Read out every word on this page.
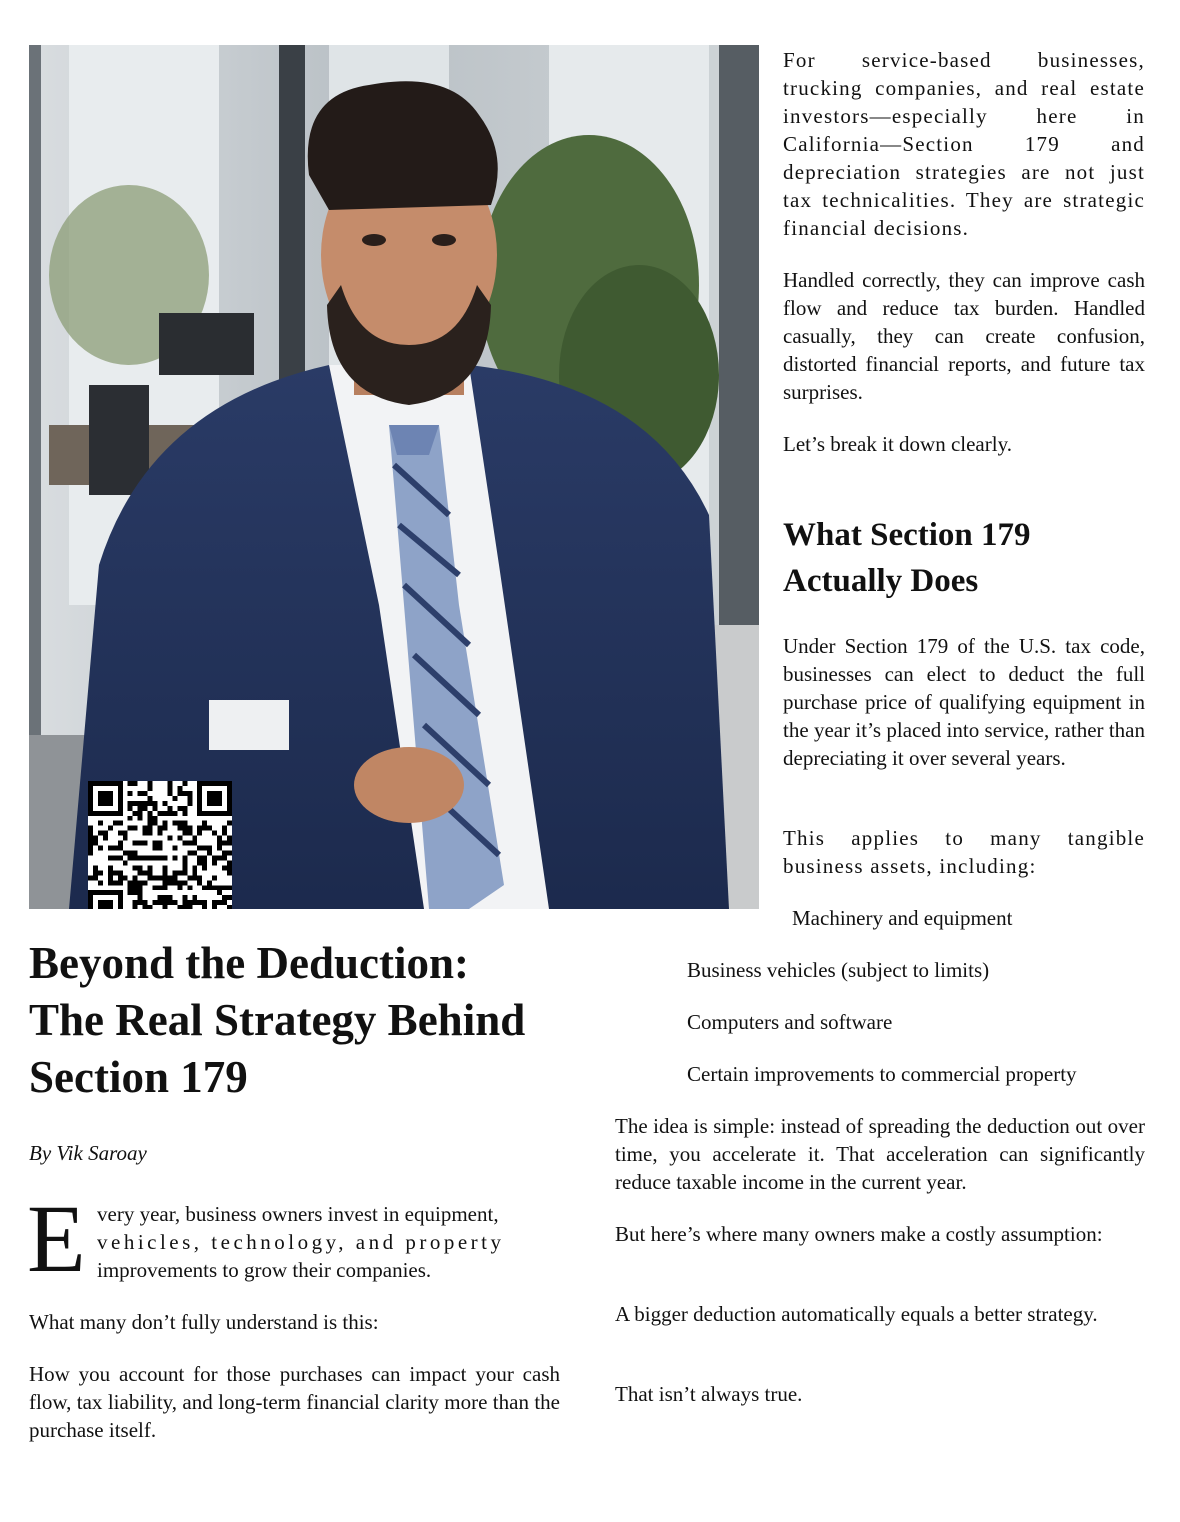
For service-based businesses, trucking companies, and real estate investors—especially here in California—Section 179 and depreciation strategies are not just tax technicalities. They are strategic financial decisions.

Handled correctly, they can improve cash flow and reduce tax burden. Handled casually, they can create confusion, distorted financial reports, and future tax surprises.

Let’s break it down clearly.

What Section 179
Actually Does

Under Section 179 of the U.S. tax code, businesses can elect to deduct the full purchase price of qualifying equipment in the year it’s placed into service, rather than depreciating it over several years.

This applies to many tangible business assets, including:

Machinery and equipment

Business vehicles (subject to limits)

Computers and software

Certain improvements to commercial property

The idea is simple: instead of spreading the deduction out over time, you accelerate it. That acceleration can significantly reduce taxable income in the current year.

But here’s where many owners make a costly assumption:

A bigger deduction automatically equals a better strategy.

That isn’t always true.

Beyond the Deduction:
The Real Strategy Behind
Section 179

By Vik Saroay

E very year, business owners invest in equipment,
vehicles, technology, and property
improvements to grow their companies.

What many don’t fully understand is this:

How you account for those purchases can impact your cash flow, tax liability, and long-term financial clarity more than the purchase itself.
